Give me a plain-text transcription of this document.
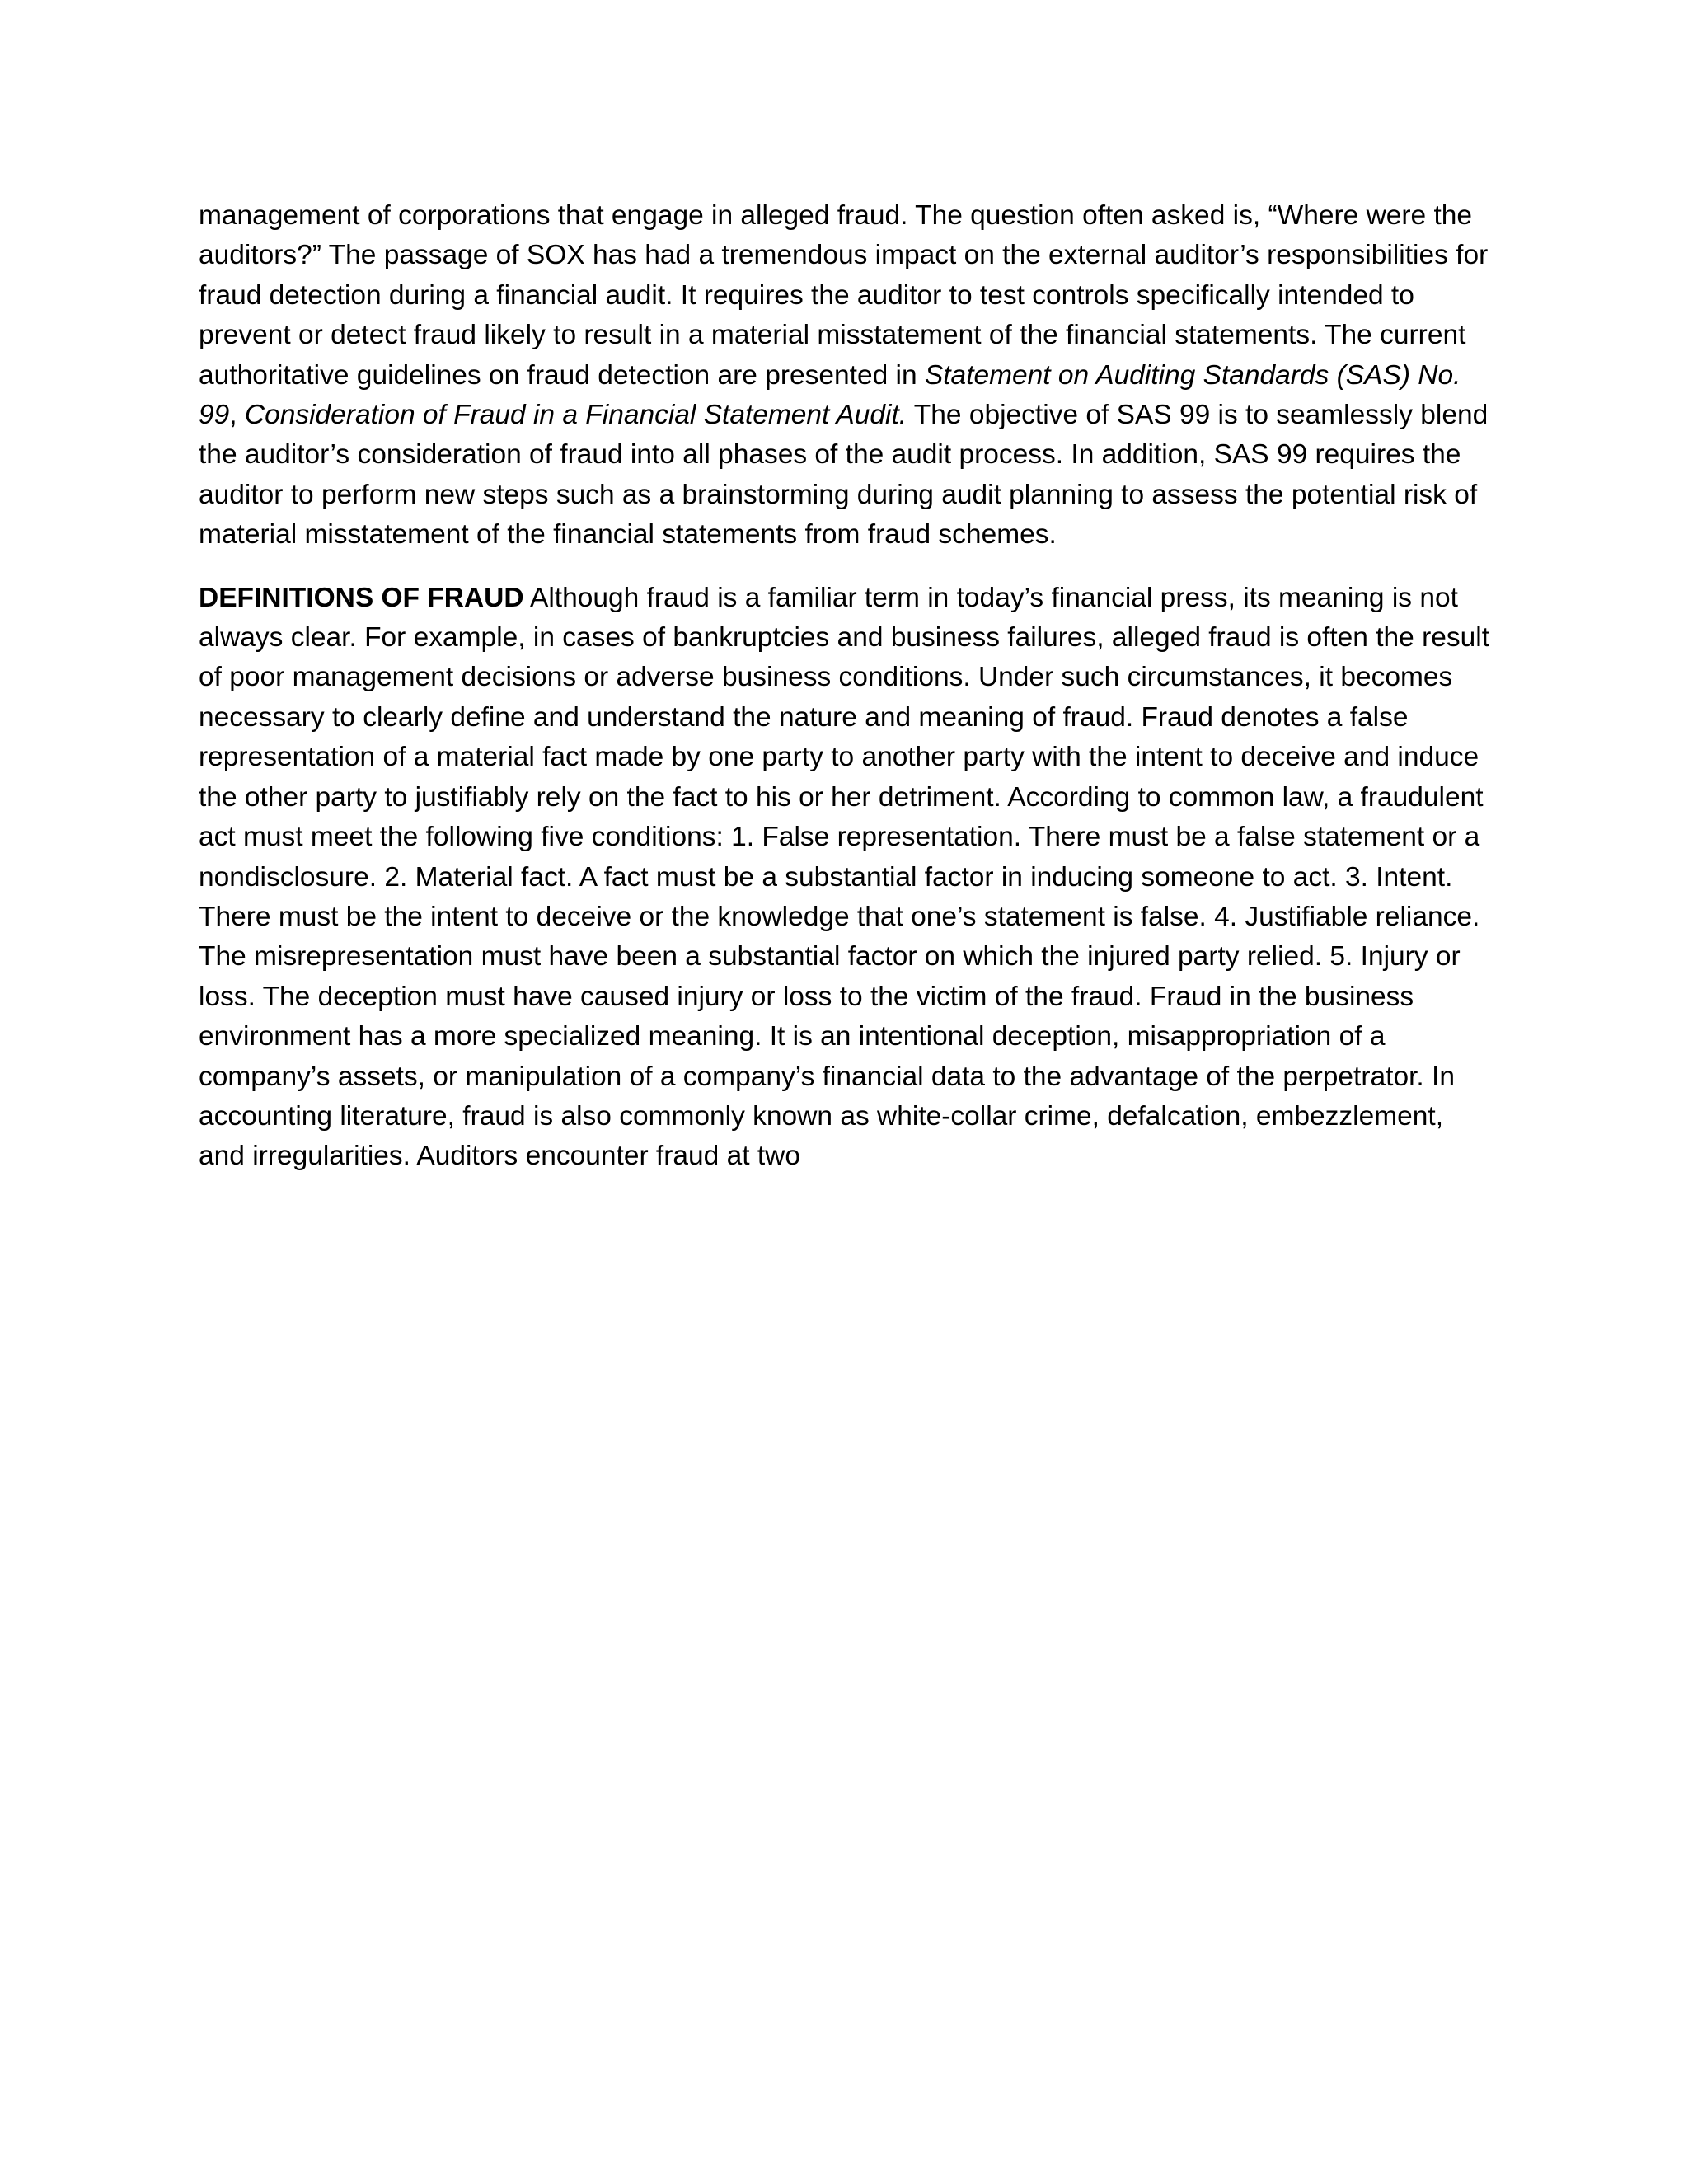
management of corporations that engage in alleged fraud. The question often asked is, “Where were the auditors?” The passage of SOX has had a tremendous impact on the external auditor’s responsibilities for fraud detection during a financial audit. It requires the auditor to test controls specifically intended to prevent or detect fraud likely to result in a material misstatement of the financial statements. The current authoritative guidelines on fraud detection are presented in Statement on Auditing Standards (SAS) No. 99, Consideration of Fraud in a Financial Statement Audit. The objective of SAS 99 is to seamlessly blend the auditor’s consideration of fraud into all phases of the audit process. In addition, SAS 99 requires the auditor to perform new steps such as a brainstorming during audit planning to assess the potential risk of material misstatement of the financial statements from fraud schemes.

DEFINITIONS OF FRAUD Although fraud is a familiar term in today’s financial press, its meaning is not always clear. For example, in cases of bankruptcies and business failures, alleged fraud is often the result of poor management decisions or adverse business conditions. Under such circumstances, it becomes necessary to clearly define and understand the nature and meaning of fraud. Fraud denotes a false representation of a material fact made by one party to another party with the intent to deceive and induce the other party to justifiably rely on the fact to his or her detriment. According to common law, a fraudulent act must meet the following five conditions: 1. False representation. There must be a false statement or a nondisclosure. 2. Material fact. A fact must be a substantial factor in inducing someone to act. 3. Intent. There must be the intent to deceive or the knowledge that one’s statement is false. 4. Justifiable reliance. The misrepresentation must have been a substantial factor on which the injured party relied. 5. Injury or loss. The deception must have caused injury or loss to the victim of the fraud. Fraud in the business environment has a more specialized meaning. It is an intentional deception, misappropriation of a company’s assets, or manipulation of a company’s financial data to the advantage of the perpetrator. In accounting literature, fraud is also commonly known as white-collar crime, defalcation, embezzlement, and irregularities. Auditors encounter fraud at two
